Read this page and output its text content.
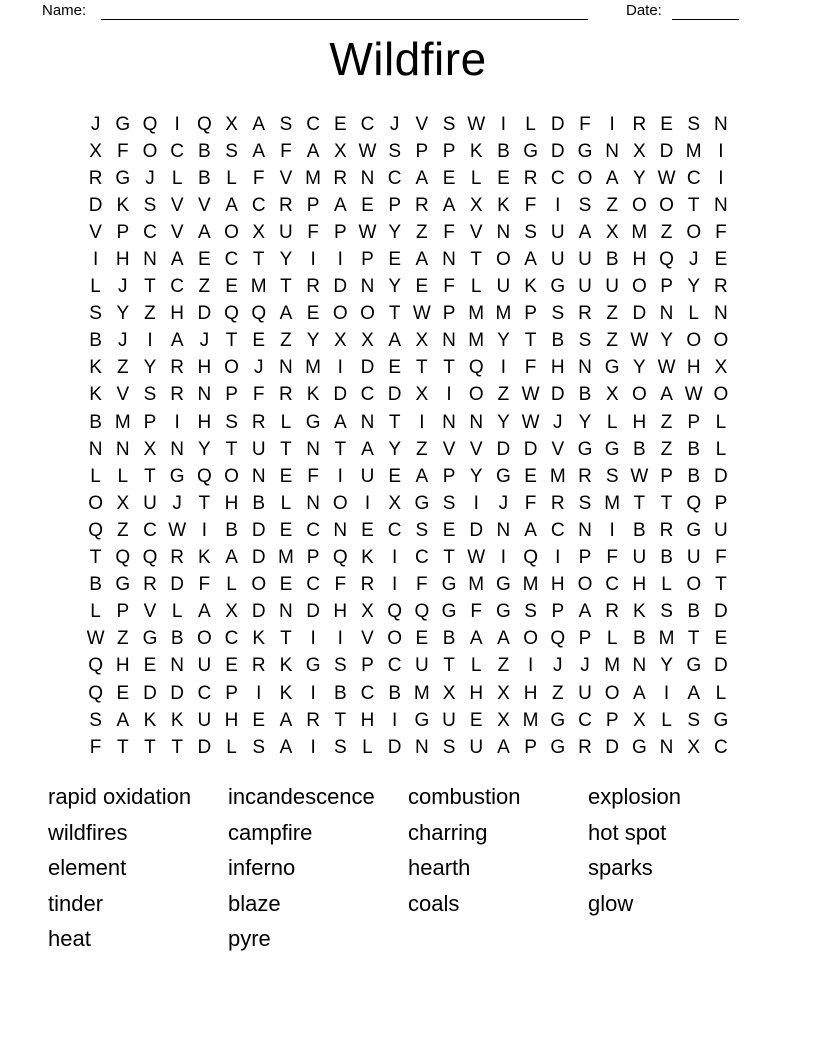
Name:	Date:
Wildfire
J G Q I Q X A S C E C J V S W I	L D F I R E S N
X F O C B S A F A X W S P P K B G D G N X D M I
R G J L B L F V M R N C A E L E R C O A Y W C I
D K S V V A C R P A E P R A X K F I S Z O O T N
V P C V A O X U F P W Y Z F V N S U A X M Z O F
I H N A E C T Y I	I P E A N T O A U U B H Q J E
L J T C Z E M T R D N Y E F L U K G U U O P Y R
S Y Z H D Q Q A E O O T W P M M P S R Z D N L N
B J	I A J T E Z Y X X A X N M Y T B S Z W Y O O
K Z Y R H O J N M I D E T T Q I F H N G Y W H X
K V S R N P F R K D C D X I O Z W D B X O A W O
B M P I H S R L G A N T I N N Y W J Y L H Z P L
N N X N Y T U T N T A Y Z V V D D V G G B Z B L
L L T G Q O N E F I U E A P Y G E M R S W P B D
O X U J T H B L N O I X G S I	J F R S M T T Q P
Q Z C W I B D E C N E C S E D N A C N I B R G U
T Q Q R K A D M P Q K I C T W I Q I P F U B U F
B G R D F L O E C F R I F G M G M H O C H L O T
L P V L A X D N D H X Q Q G F G S P A R K S B D
W Z G B O C K T I	I V O E B A A O Q P L B M T E
Q H E N U E R K G S P C U T L Z I	J J M N Y G D
Q E D D C P I K I B C B M X H X H Z U O A I A L
S A K K U H E A R T H I G U E X M G C P X L S G
F T T T D L S A I S L D N S U A P G R D G N X C
rapid oxidation
wildfires
element
tinder
heat
incandescence
campfire
inferno
blaze
pyre
combustion
charring
hearth
coals
explosion
hot spot
sparks
glow
